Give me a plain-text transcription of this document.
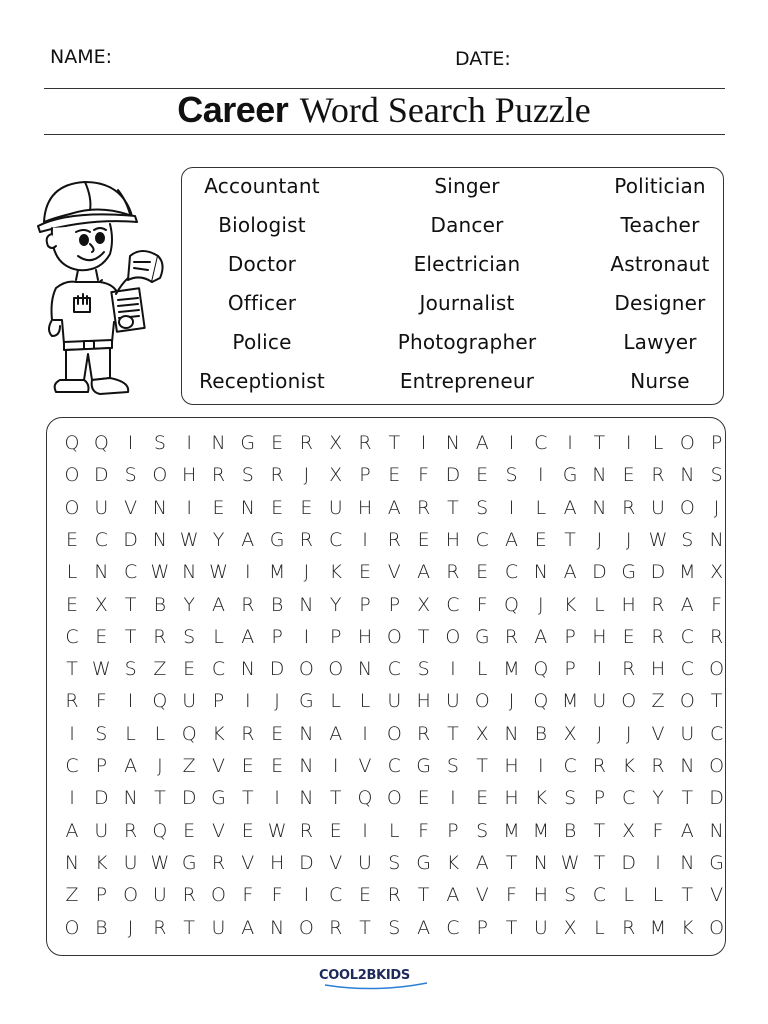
NAME:	DATE:
Career Word Search Puzzle
Accountant	Singer	Politician
Biologist	Dancer	Teacher
Doctor	Electrician	Astronaut
Officer	Journalist	Designer
Police	Photographer	Lawyer
Receptionist	Entrepreneur	Nurse
Q Q	I	S	I	N G E R X R T	I	N A	I	C	I	T	I	L O P
O D S O H R S R	J	X P E F D E S	I	G N E R N S
O U V N	I	E N E E U H A R T S	I	L A N R U O	J
E C D N W Y A G R C	I	R E H C A E T	J	J W S N
L N C W N W I M J	K E V A R E C N A D G D M X
E X T B Y A R B N Y P P X C F Q	J	K L H R A F
C E T R S L A P	I	P H O T O G R A P H E R C R
T W S Z E C N D O O N C S	I	L M Q P	I	R H C O
R F	I	Q U P	I	J	G L L U H U O	J	Q M U O Z O T
I	S L L Q K R E N A	I	O R T X N B X	J	J	V U C
C P A	J	Z V E E N	I	V C G S T H	I	C R K R N O
I	D N T D G T	I	N T Q O E	I	E H K S P C Y T D
A U R Q E V E W R E	I	L F P S M M B T X F A N
N K U W G R V H D V U S G K A T N W T D	I	N G
Z P O U R O F F	I	C E R T A V F H S C L L T V
O B	J	R T U A N O R T S A C P T U X L R M K O
COOL2BKIDS
